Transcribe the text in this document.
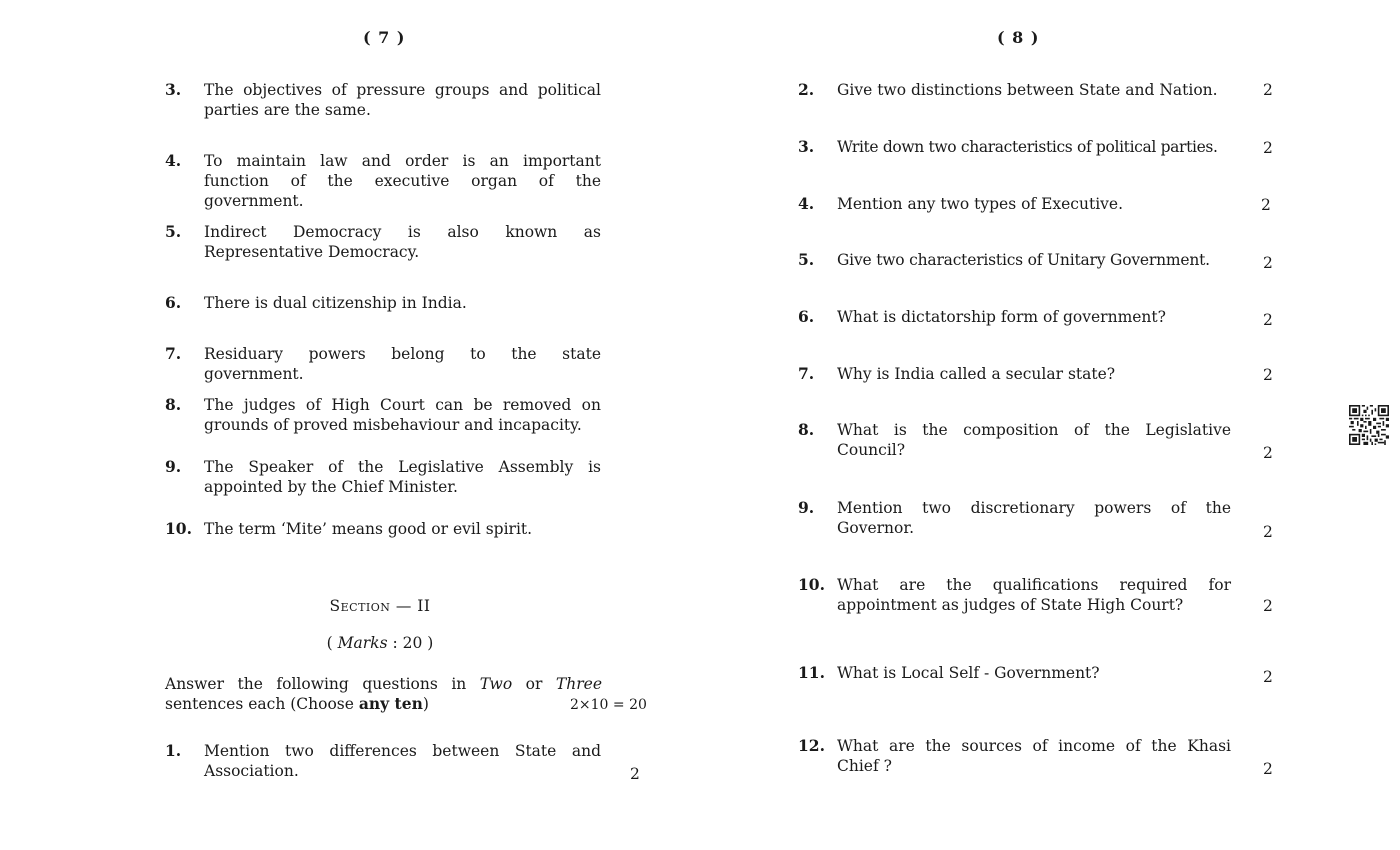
( 7 )
3. The objectives of pressure groups and political parties are the same.
4. To maintain law and order is an important function of the executive organ of the government.
5. Indirect Democracy is also known as Representative Democracy.
6. There is dual citizenship in India.
7. Residuary powers belong to the state government.
8. The judges of High Court can be removed on grounds of proved misbehaviour and incapacity.
9. The Speaker of the Legislative Assembly is appointed by the Chief Minister.
10. The term ‘Mite’ means good or evil spirit.
Section — II
( Marks : 20 )
Answer the following questions in Two or Three sentences each (Choose any ten)	2×10 = 20
1. Mention two differences between State and Association.	2
( 8 )
2. Give two distinctions between State and Nation.	2
3. Write down two characteristics of political parties.	2
4. Mention any two types of Executive.	2
5. Give two characteristics of Unitary Government.	2
6. What is dictatorship form of government?	2
7. Why is India called a secular state?	2
8. What is the composition of the Legislative Council?	2
9. Mention two discretionary powers of the Governor.	2
10. What are the qualifications required for appointment as judges of State High Court?	2
11. What is Local Self - Government?	2
12. What are the sources of income of the Khasi Chief ?	2
